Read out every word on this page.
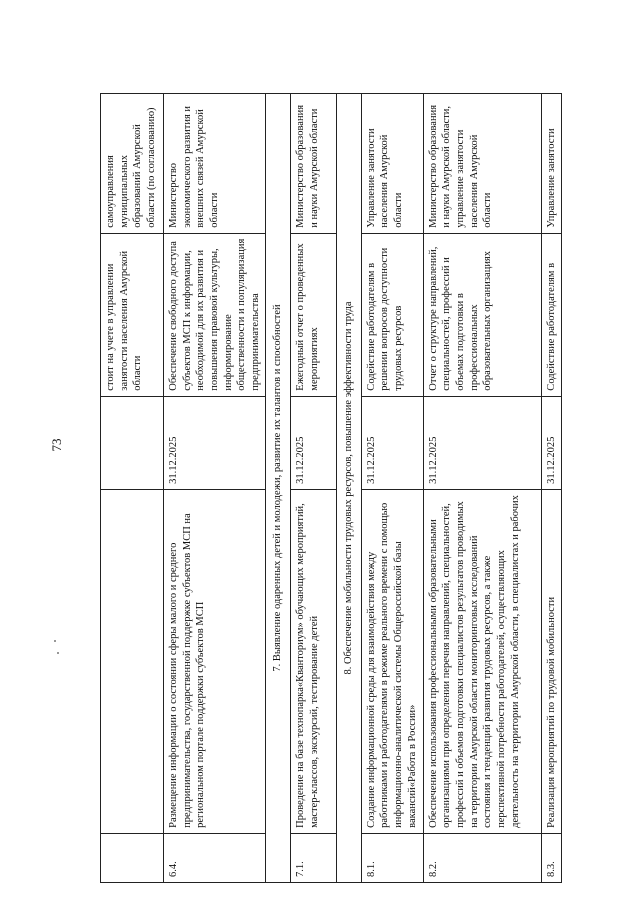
73
			стоит на учете в управлении занятости населения Амурской области	самоуправления муниципальных образований Амурской области (по согласованию)
6.4.	Размещение информации о состоянии сферы малого и среднего предпринимательства, государственной поддержке субъектов МСП на региональном портале поддержки субъектов МСП	31.12.2025	Обеспечение свободного доступа субъектов МСП к информации, необходимой для их развития и повышения правовой культуры, информирование общественности и популяризация предпринимательства	Министерство экономического развития и внешних связей Амурской области
7. Выявление одаренных детей и молодежи, развитие их талантов и способностей				
7.1.	Проведение на базе технопарка«Кванториум» обучающих мероприятий, мастер-классов, экскурсий, тестирование детей	31.12.2025	Ежегодный отчет о проведенных мероприятиях	Министерство образования и науки Амурской области
8. Обеспечение мобильности трудовых ресурсов, повышение эффективности труда				
8.1.	Создание информационной среды для взаимодействия между работниками и работодателями в режиме реального времени с помощью информационно-аналитической системы Общероссийской базы вакансий«Работа в России»	31.12.2025	Содействие работодателям в решении вопросов доступности трудовых ресурсов	Управление занятости населения Амурской области
8.2.	Обеспечение использования профессиональными образовательными организациями при определении перечня направлений, специальностей, профессий и объемов подготовки специалистов результатов проводимых на территории Амурской области мониторинговых исследований состояния и тенденций развития трудовых ресурсов, а также перспективной потребности работодателей, осуществляющих деятельность на территории Амурской области, в специалистах и рабочих	31.12.2025	Отчет о структуре направлений, специальностей, профессий и объемах подготовки в профессиональных образовательных организациях	Министерство образования и науки Амурской области, управление занятости населения Амурской области
8.3.	Реализация мероприятий по трудовой мобильности	31.12.2025	Содействие работодателям в	Управление занятости
